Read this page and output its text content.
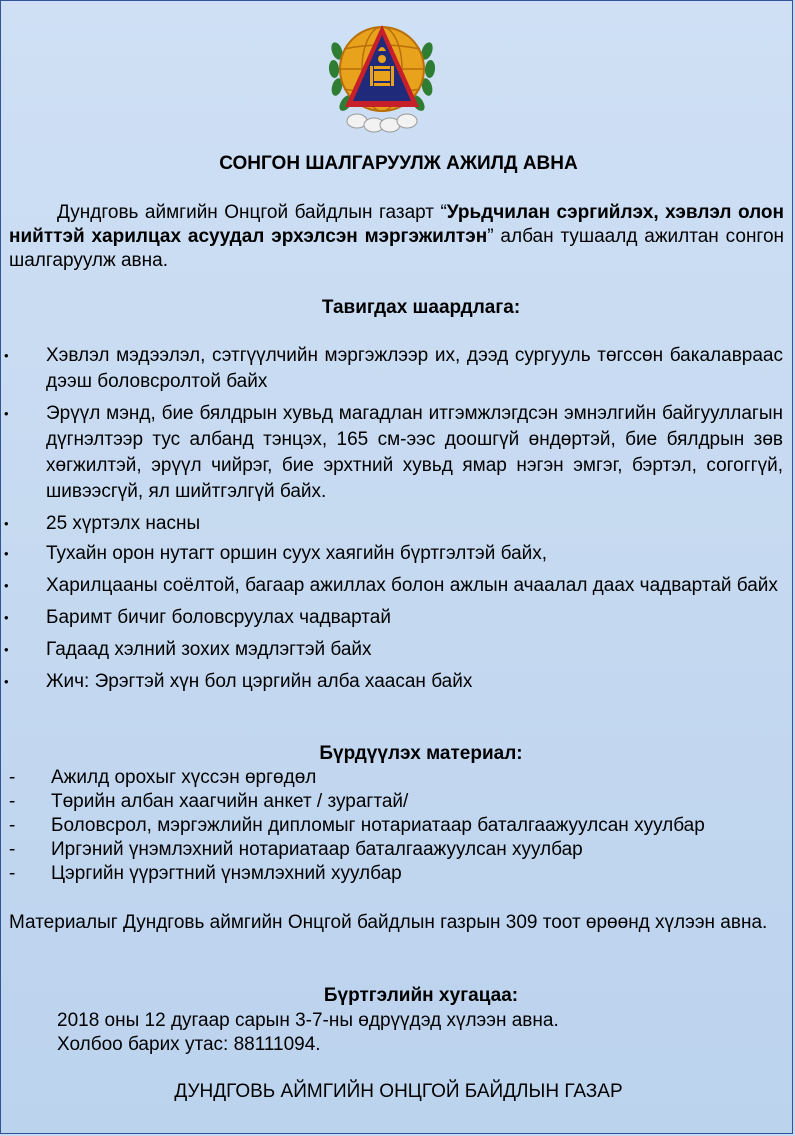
СОНГОН ШАЛГАРУУЛЖ АЖИЛД АВНА
Дундговь аймгийн Онцгой байдлын газарт “Урьдчилан сэргийлэх, хэвлэл олон нийттэй харилцах асуудал эрхэлсэн мэргэжилтэн” албан тушаалд ажилтан сонгон шалгаруулж авна.
Тавигдах шаардлага:
• Хэвлэл мэдээлэл, сэтгүүлчийн мэргэжлээр их, дээд сургууль төгссөн бакалавраас дээш боловсролтой байх
• Эрүүл мэнд, бие бялдрын хувьд магадлан итгэмжлэгдсэн эмнэлгийн байгууллагын дүгнэлтээр тус албанд тэнцэх, 165 см-ээс доошгүй өндөртэй, бие бялдрын зөв хөгжилтэй, эрүүл чийрэг, бие эрхтний хувьд ямар нэгэн эмгэг, бэртэл, согоггүй, шивээсгүй, ял шийтгэлгүй байх.
• 25 хүртэлх насны
• Тухайн орон нутагт оршин суух хаягийн бүртгэлтэй байх,
• Харилцааны соёлтой, багаар ажиллах болон ажлын ачаалал даах чадвартай байх
• Баримт бичиг боловсруулах чадвартай
• Гадаад хэлний зохих мэдлэгтэй байх
• Жич: Эрэгтэй хүн бол цэргийн алба хаасан байх
Бүрдүүлэх материал:
- Ажилд орохыг хүссэн өргөдөл
- Төрийн албан хаагчийн анкет / зурагтай/
- Боловсрол, мэргэжлийн дипломыг нотариатаар баталгаажуулсан хуулбар
- Иргэний үнэмлэхний нотариатаар баталгаажуулсан хуулбар
- Цэргийн үүрэгтний үнэмлэхний хуулбар
Материалыг Дундговь аймгийн Онцгой байдлын газрын 309 тоот өрөөнд хүлээн авна.
Бүртгэлийн хугацаа:
2018 оны 12 дугаар сарын 3-7-ны өдрүүдэд хүлээн авна.
Холбоо барих утас: 88111094.
ДУНДГОВЬ АЙМГИЙН ОНЦГОЙ БАЙДЛЫН ГАЗАР
